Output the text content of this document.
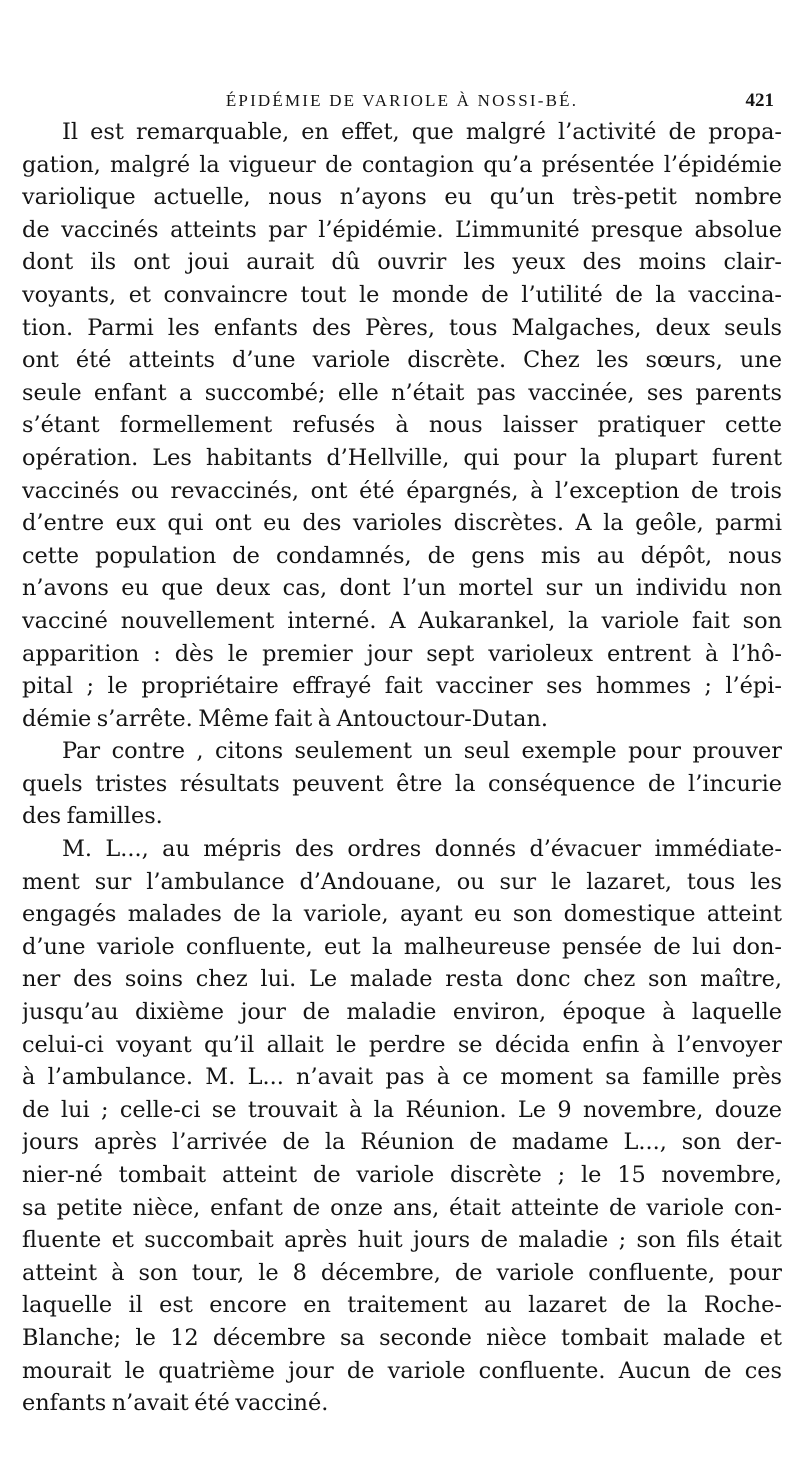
ÉPIDÉMIE DE VARIOLE À NOSSI-BÉ.	421
Il est remarquable, en effet, que malgré l’activité de propa-
gation, malgré la vigueur de contagion qu’a présentée l’épidémie
variolique actuelle, nous n’ayons eu qu’un très-petit nombre
de vaccinés atteints par l’épidémie. L’immunité presque absolue
dont ils ont joui aurait dû ouvrir les yeux des moins clair-
voyants, et convaincre tout le monde de l’utilité de la vaccina-
tion. Parmi les enfants des Pères, tous Malgaches, deux seuls
ont été atteints d’une variole discrète. Chez les sœurs, une
seule enfant a succombé; elle n’était pas vaccinée, ses parents
s’étant formellement refusés à nous laisser pratiquer cette
opération. Les habitants d’Hellville, qui pour la plupart furent
vaccinés ou revaccinés, ont été épargnés, à l’exception de trois
d’entre eux qui ont eu des varioles discrètes. A la geôle, parmi
cette population de condamnés, de gens mis au dépôt, nous
n’avons eu que deux cas, dont l’un mortel sur un individu non
vacciné nouvellement interné. A Aukarankel, la variole fait son
apparition : dès le premier jour sept varioleux entrent à l’hô-
pital ; le propriétaire effrayé fait vacciner ses hommes ; l’épi-
démie s’arrête. Même fait à Antouctour-Dutan.
Par contre , citons seulement un seul exemple pour prouver
quels tristes résultats peuvent être la conséquence de l’incurie
des familles.
M. L..., au mépris des ordres donnés d’évacuer immédiate-
ment sur l’ambulance d’Andouane, ou sur le lazaret, tous les
engagés malades de la variole, ayant eu son domestique atteint
d’une variole confluente, eut la malheureuse pensée de lui don-
ner des soins chez lui. Le malade resta donc chez son maître,
jusqu’au dixième jour de maladie environ, époque à laquelle
celui-ci voyant qu’il allait le perdre se décida enfin à l’envoyer
à l’ambulance. M. L... n’avait pas à ce moment sa famille près
de lui ; celle-ci se trouvait à la Réunion. Le 9 novembre, douze
jours après l’arrivée de la Réunion de madame L..., son der-
nier-né tombait atteint de variole discrète ; le 15 novembre,
sa petite nièce, enfant de onze ans, était atteinte de variole con-
fluente et succombait après huit jours de maladie ; son fils était
atteint à son tour, le 8 décembre, de variole confluente, pour
laquelle il est encore en traitement au lazaret de la Roche-
Blanche; le 12 décembre sa seconde nièce tombait malade et
mourait le quatrième jour de variole confluente. Aucun de ces
enfants n’avait été vacciné.
